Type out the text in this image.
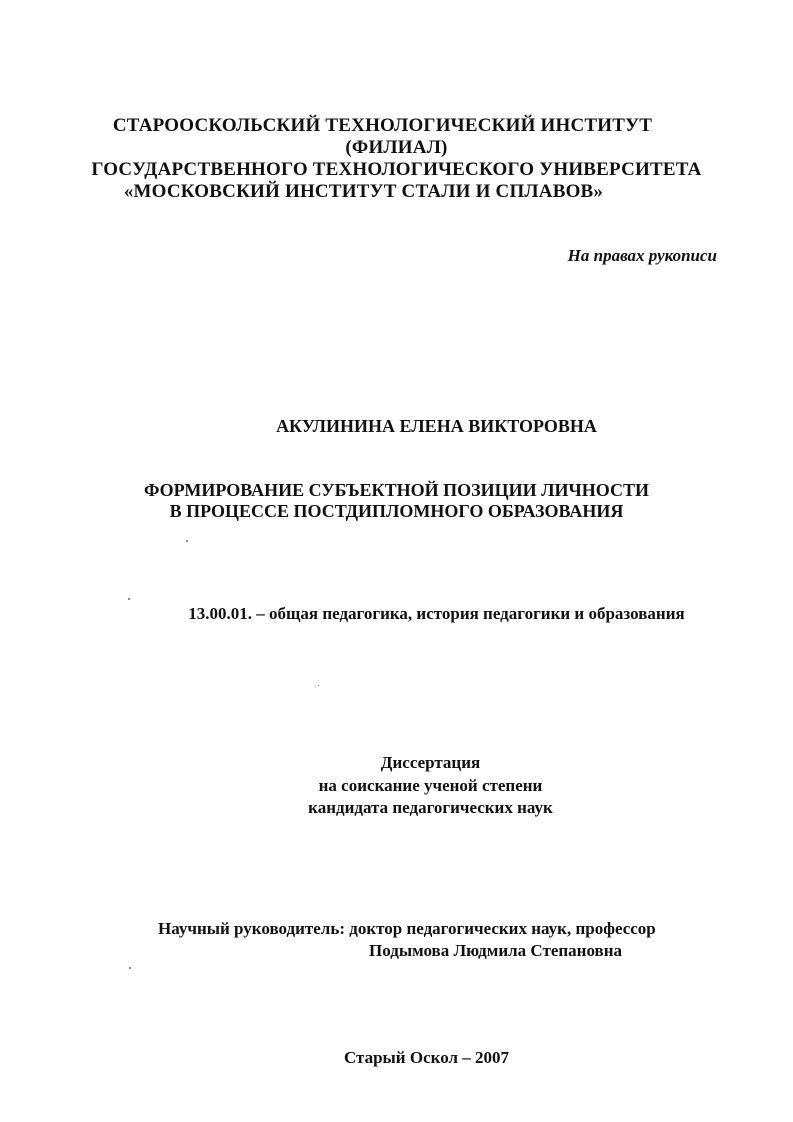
СТАРООСКОЛЬСКИЙ ТЕХНОЛОГИЧЕСКИЙ ИНСТИТУТ
(ФИЛИАЛ)
ГОСУДАРСТВЕННОГО ТЕХНОЛОГИЧЕСКОГО УНИВЕРСИТЕТА
«МОСКОВСКИЙ ИНСТИТУТ СТАЛИ И СПЛАВОВ»
На правах рукописи
АКУЛИНИНА ЕЛЕНА ВИКТОРОВНА
ФОРМИРОВАНИЕ СУБЪЕКТНОЙ ПОЗИЦИИ ЛИЧНОСТИ
В ПРОЦЕССЕ ПОСТДИПЛОМНОГО ОБРАЗОВАНИЯ
13.00.01. – общая педагогика, история педагогики и образования
Диссертация
на соискание ученой степени
кандидата педагогических наук
Научный руководитель: доктор педагогических наук, профессор
Подымова Людмила Степановна
Старый Оскол – 2007
